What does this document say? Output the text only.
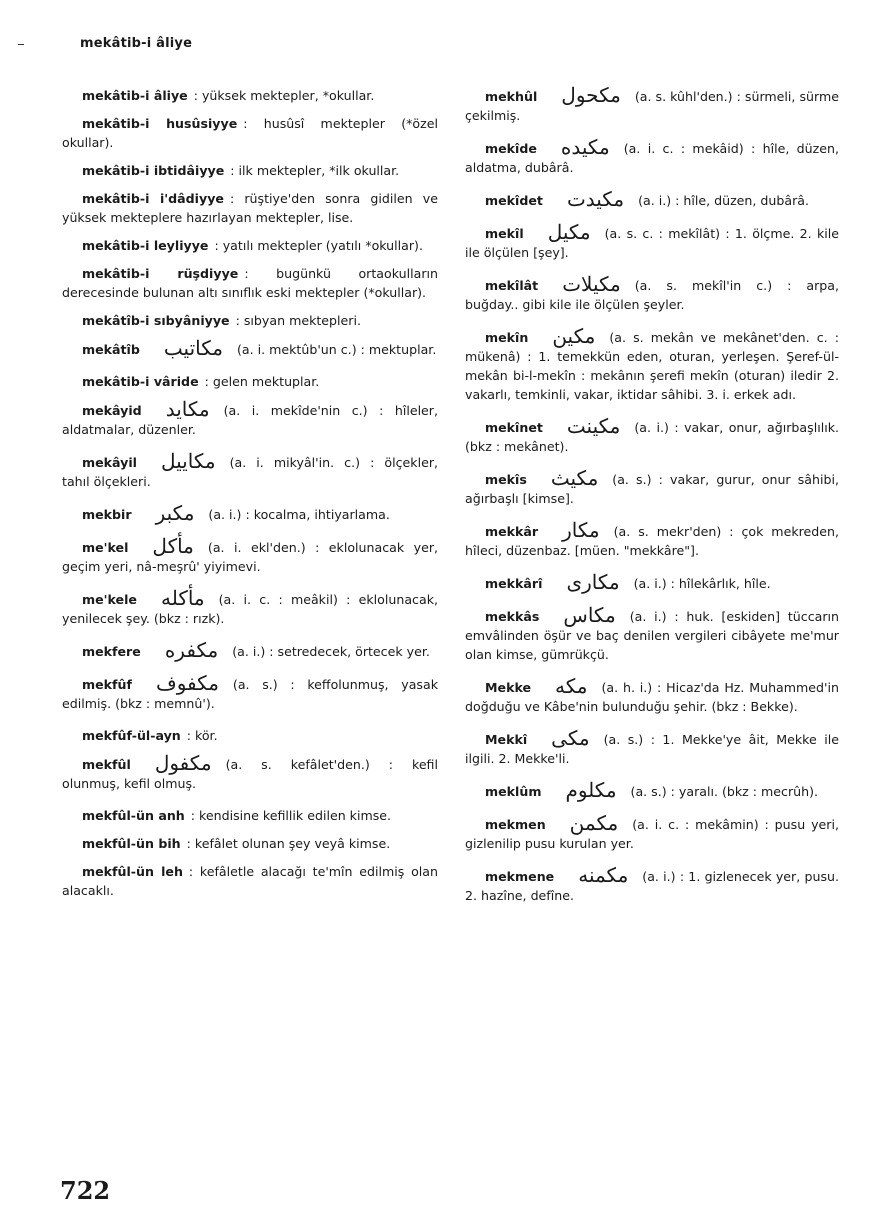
mekâtib-i âliye
mekâtib-i âliye : yüksek mektepler, *okullar.
mekâtib-i husûsiyye : husûsî mektepler (*özel okullar).
mekâtib-i ibtidâiyye : ilk mektepler, *ilk okullar.
mekâtib-i i'dâdiyye : rüştiye'den sonra gidilen ve yüksek mekteplere hazırlayan mektepler, lise.
mekâtib-i leyliyye : yatılı mektepler (yatılı *okullar).
mekâtib-i rüşdiyye : bugünkü ortaokulların derecesinde bulunan altı sınıflık eski mektepler (*okullar).
mekâtîb-i sıbyâniyye : sıbyan mektepleri.
mekâtîb مكاتيب (a. i. mektûb'un c.) : mektuplar.
mekâtib-i vâride : gelen mektuplar.
mekâyid مكايد (a. i. mekîde'nin c.) : hîleler, aldatmalar, düzenler.
mekâyil مكاييل (a. i. mikyâl'in. c.) : ölçekler, tahıl ölçekleri.
mekbir مكبر (a. i.) : kocalma, ihtiyarlama.
me'kel مأكل (a. i. ekl'den.) : eklolunacak yer, geçim yeri, nâ-meşrû' yiyimevi.
me'kele مأكله (a. i. c. : meâkil) : eklolunacak, yenilecek şey. (bkz : rızk).
mekfere مكفره (a. i.) : setredecek, örtecek yer.
mekfûf مكفوف (a. s.) : keffolunmuş, yasak edilmiş. (bkz : memnû').
mekfûf-ül-ayn : kör.
mekfûl مكفول (a. s. kefâlet'den.) : kefil olunmuş, kefil olmuş.
mekfûl-ün anh : kendisine kefillik edilen kimse.
mekfûl-ün bih : kefâlet olunan şey veyâ kimse.
mekfûl-ün leh : kefâletle alacağı te'mîn edilmiş olan alacaklı.
mekhûl مكحول (a. s. kûhl'den.) : sürmeli, sürme çekilmiş.
mekîde مكيده (a. i. c. : mekâid) : hîle, düzen, aldatma, dubârâ.
mekîdet مكيدت (a. i.) : hîle, düzen, dubârâ.
mekîl مكيل (a. s. c. : mekîlât) : 1. ölçme. 2. kile ile ölçülen [şey].
mekîlât مكيلات (a. s. mekîl'in c.) : arpa, buğday.. gibi kile ile ölçülen şeyler.
mekîn مكين (a. s. mekân ve mekânet'den. c. : mükenâ) : 1. temekkün eden, oturan, yerleşen. Şeref-ül-mekân bi-l-mekîn : mekânın şerefi mekîn (oturan) iledir 2. vakarlı, temkinli, vakar, iktidar sâhibi. 3. i. erkek adı.
mekînet مكينت (a. i.) : vakar, onur, ağırbaşlılık. (bkz : mekânet).
mekîs مكيث (a. s.) : vakar, gurur, onur sâhibi, ağırbaşlı [kimse].
mekkâr مكار (a. s. mekr'den) : çok mekreden, hîleci, düzenbaz. [müen. "mekkâre"].
mekkârî مكارى (a. i.) : hîlekârlık, hîle.
mekkâs مكاس (a. i.) : huk. [eskiden] tüccarın emvâlinden öşür ve baç denilen vergileri cibâyete me'mur olan kimse, gümrükçü.
Mekke مكه (a. h. i.) : Hicaz'da Hz. Muhammed'in doğduğu ve Kâbe'nin bulunduğu şehir. (bkz : Bekke).
Mekkî مكى (a. s.) : 1. Mekke'ye âit, Mekke ile ilgili. 2. Mekke'li.
meklûm مكلوم (a. s.) : yaralı. (bkz : mecrûh).
mekmen مكمن (a. i. c. : mekâmin) : pusu yeri, gizlenilip pusu kurulan yer.
mekmene مكمنه (a. i.) : 1. gizlenecek yer, pusu. 2. hazîne, defîne.
722
